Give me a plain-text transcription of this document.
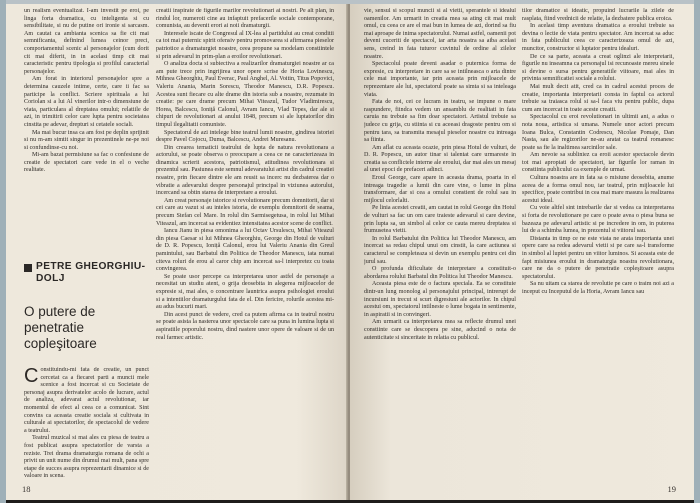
un realism eventualizat. I-am investit pe eroi, pe linga forta dramatica, cu inteligenta si cu sensibilitate, si nu de putine ori ironie si sarcasm. Am cautat ca ambianta scenica sa fie cit mai semnificanta, definind lumea ceinor preci, comportamentul scenic al personajelor (cum dorit cit mai diferit, in in acelasi timp cit mai caracteristic pentru tipologia si profilul caracterial personajelor.

Am forat in interiorul personajelor spre a determina cauzele intime, certe, care ii fac sa participe la conflict. Scriere spirituala a lui Coriolan si a lui Al vinerilor intr-o dimensiune de viata, particulara al dreptatea omului; relatiile de azi, in trimitirii celor care lupta pentru societatea cinstita pe adevar, drepturi si cetatele sociali.

Ma mai bucur insa ca am fost pe deplin sprijinit si nu m-am simtit singur in prezentinele ne-pe noi si confundinse-cu noi.

Mi-am bazat permisiune sa fac o confesiune de creatie de spectatori care vede in el o veche realitate.

PETRE GHEORGHIU-DOLJ
O putere de penetratie copleşitoare

Constituindu-mi fata de creatie, un punct cercetat ca a fiecarei parti a muncii mele scenice a fost incercat si cu Societate de personaj asupra derivatelor acolo de lucrare, actul de analiza, adevarat actul revolutionar, iar momentul de efect al ceea ce a comunicat. Sint convins ca aceasta creatie sociala si cultivata in culturale ai spectatorilor, de spectacolul de vedere a teatrului.

Teatrul muzical si mai ales cu piesa de teatru a fost publicat asupra spectatorilor de varsta a reziste. Trei drama dramaturgia romana de ochi a privit un unit nume din drumul mai mult, pana spre etape de succes asupra reprezentarii dinamice si de valoare in scena.

creatii inspirate de figurile marilor revolutionari ai nostri. Pe alt plan, in rindul lor, numeroti cine au infaptuit prefacerile sociale contemporane, comunista, au devenit erori ai noii dramaturgii.

Interesele iscate de Congresul al IX-lea al partidului au creat conditii ca tot mai puternic spirit ofensiv pentru promovarea si afirmarea pieselor patriotice a dramaturgiei noastre, ceea propune sa modelam constiintele si prin adevarul in prim-plan a eroilor revolutionari.

O analiza docta si subiectiva a realizarilor dramaturgiei noastre ar ca am pute trece prin ingrijirea unor opere scrise de Horia Lovinescu, Mihnea Gheorghiu, Paul Everac, Paul Anghel, Al. Voitin, Titus Popovici, Valeriu Anania, Marin Sorescu, Theodor Manescu, D.R. Popescu. Acestea sunt fiecare cu alte drame din istoria sub a noastre, rezumate in creatie: pe care drame precum Mihai Viteazul, Tudor Vladimirescu, Horea, Balcescu, Ioniță Calonul, Avram Iancu, Vlad Tepes, dar ale si chipuri de revolutionari ai anului 1848, precum si ale luptatorilor din timpul ilegalitatii comuniste.

Spectatorul de azi intelege bine teatrul lumii noastre, gindirea istoriei despre Pavel Cojocu, Duma, Balcescu, Andrei Muresanu.

Din crearea tematicii teatrului de lupta de natura revolutionara a actorului, se poate observa o preocupare a ceea ce ne caracterizeaza in dinamica scrierii acestora, patriotismul, atitudinea revolutionara si prezentul sau. Pasiunea este semnul adevaratului artist din cadrul creatiei noastre, prin fiecare dintre ele am reusit sa incerc nu dezbaterea dar o vibratie a adevarului despre personajul principal in viziunea autorului, incercand sa obtin starea de interpretare a eroului.

Am creat personaje istorice si revolutionare precum domnitorii, dar si cei care au vazut si au inteles istoria, de exemplu domnitorii de seama, precum Stefan cel Mare. In rolul din Sarmisegetusa, in rolul lui Mihai Viteazul, am incercat sa evidentiez intensitatea acestor scene de conflict.

Iancu Jianu in piesa omonima a lui Octav Ursulescu, Mihai Viteazul din piesa Caesar si lui Mihnea Gheorghiu, George din Hotul de vulturi de D. R. Popescu, Ioniță Calonul, erou lui Valeriu Anania din Greul pamintului, sau Barbatul din Politica de Theodor Manescu, iata numai citeva roluri de erou al caror chip am incercat sa-l interpretez cu toata convingerea.

Se poate usor percepe ca interpretarea unor astfel de personaje a necesitat un studiu atent, o grija deosebita in alegerea mijloacelor de expresie si, mai ales, o concentrare launtrica asupra psihologiei eroului si a intentiilor dramaturgului fata de el. Din fericire, rolurile acestea mi-au adus bucurii mari.

Din acest punct de vedere, cred ca putem afirma ca in teatrul nostru se poate asista la nasterea unor spectacole care sa puna in lumina lupta si aspiratiile poporului nostru, dind nastere unor opere de valoare si de un real farmec artistic.

18

vie, sensul si scopul muncii si al vietii, sperantele si idealul oamenilor. Am urmarit in creatia mea sa ating cit mai mult omul, cu ceea ce are el mai bun in lumea de azi, dorind sa fiu mai aproape de inima spectatorului. Numai astfel, oamenii pot deveni cuceriti de spectacol, iar arta noastra sa aiba acelasi sens, creind in fata tuturor cuvintul de ordine al zilelor noastre.

Spectacolul poate deveni asadar o puternica forma de expresie, cu interpretare in care sa se intilneasca o arta dintre cele mai importante, iar prin aceasta prin mijloacele de reprezentare ale lui, spectatorul poate sa simta si sa inteleaga viata.

Fata de noi, cei ce lucram in teatru, se impune o mare raspundere, fiindca vedem un ansamblu de realitati in fata caruia nu trebuie sa fim doar spectatori. Artistul trebuie sa judece cu grija, cu stiinta si cu aceeasi dragoste pentru om si pentru tara, sa transmita mesajul pieselor noastre cu intreaga sa fiinta.

Am aflat cu aceasta ocazie, prin piesa Hotul de vulturi, de D. R. Popescu, un autor tinar si talentat care urmareste in creatia sa conflictele interne ale eroului, dar mai ales un mesaj al unei epoci de prefaceri adinci.

Eroul George, care apare in aceasta drama, poarta in el intreaga tragedie a lumii din care vine, o lume in plina transformare, dar si cea a omului constient de rolul sau in mijlocul celorlalti.

Pe linia acestei creatii, am cautat in rolul George din Hotul de vulturi sa fac un om care traieste adevarul si care devine, prin lupta sa, un simbol al celor ce cauta mereu dreptatea si frumusetea vietii.

In rolul Barbatului din Politica lui Theodor Manescu, am incercat sa redau chipul unui om cinstit, la care actiunea si caracterul se completeaza si devin un exemplu pentru cei din jurul sau.

O profunda dificultate de interpretare a constituit-o abordarea rolului Barbatul din Politica lui Theodor Manescu.

Aceasta piesa este de o factura speciala. Ea se constituie dintr-un lung monolog al personajului principal, intrerupt de incursiuni in trecut si scurt digresiuni ale actorilor. In chipul acestui om, spectatorul intilneste o lume bogata in sentimente, in aspiratii si in convingeri.

Am urmarit ca interpretarea mea sa reflecte drumul unei constiinte care se descopera pe sine, aducind o nota de autenticitate si sinceritate in relatia cu publicul.

tilor dramatice si ideatic, propuind lucrarile la zilele de rasplata, fiind vrednicii de relatie, la dezbatere publica eroica.

In acelasi timp aventura dramatica a eroului trebuie sa devina o lectie de viata pentru spectator. Am incercat sa aduc in fata publicului ceea ce caracterizeaza omul de azi, muncitor, constructor si luptator pentru idealuri.

De ce sa parte, aceasta a creat oglinzi ale interpretarii, figurile nu inseamna ca personajul isi recunoaste mereu sinele si devine o sursa pentru generatiile viitoare, mai ales in privinta semnificatiei sociale a rolului.

Mai mult decit atit, cred ca in cadrul acestui proces de creatie, importanta interpretarii consta in faptul ca actorul trebuie sa traiasca rolul si sa-l faca viu pentru public, dupa cum am incercat in toate aceste creatii.

Spectacolul cu eroi revolutionari in ultimii ani, a adus o nota noua, artistica si umana. Numele unor actori precum Ioana Bulca, Constantin Codrescu, Nicolae Pomaje, Dan Nasta, sau ale regizorilor ne-au aratat ca teatrul romanesc poate sa fie la inaltimea sarcinilor sale.

Am nevoie sa subliniez ca eroii acestor spectacole devin tot mai apropiati de spectatori, iar figurile lor raman in constiinta publicului ca exemple de urmat.

Cultura noastra are in fata sa o misiune deosebita, anume aceea de a forma omul nou, iar teatrul, prin mijloacele lui specifice, poate contribui in cea mai mare masura la realizarea acestui ideal.

Cu voie altfel sint intrebarile dar si vedea ca interpretarea si forta de revolutionare pe care o poate avea o piesa buna se bazeaza pe adevarul artistic si pe incredere in om, in puterea lui de a schimba lumea, in prezentul si viitorul sau.

Distanta in timp ce ne este viata ne arata importanta unei opere care sa redea adevarul vietii si pe care sa-l transforme in simbol al luptei pentru un viitor luminos. Si aceasta este de fapt misiunea eroului in dramaturgia noastra revolutionara, care ne da o putere de penetratie copleşitoare asupra spectatorului.

Sa nu uitam ca starea de revolutie pe care o traim noi azi a inceput cu Inceputul de la Horia, Avram Iancu sau

19
